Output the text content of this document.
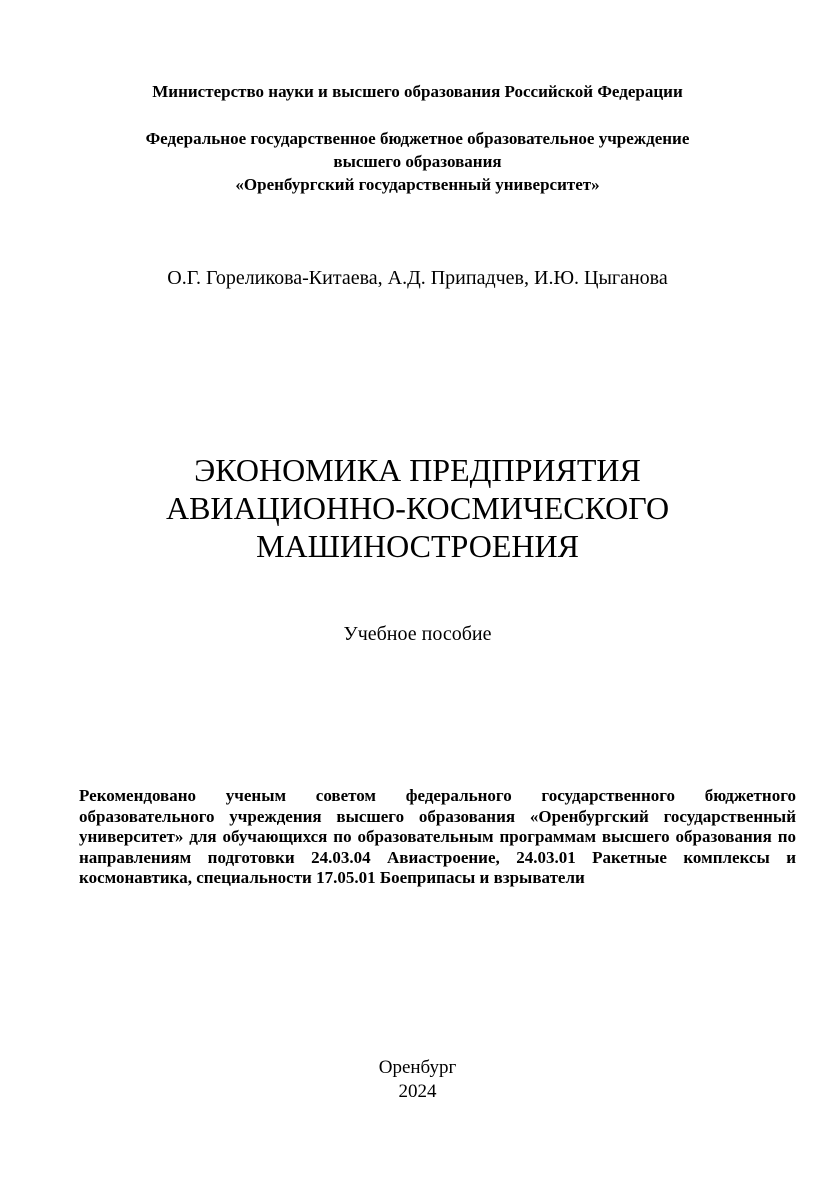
Министерство науки и высшего образования Российской Федерации

Федеральное государственное бюджетное образовательное учреждение
высшего образования
«Оренбургский государственный университет»

О.Г. Гореликова-Китаева, А.Д. Припадчев, И.Ю. Цыганова

ЭКОНОМИКА ПРЕДПРИЯТИЯ
АВИАЦИОННО-КОСМИЧЕСКОГО
МАШИНОСТРОЕНИЯ

Учебное пособие

Рекомендовано ученым советом федерального государственного бюджетного образовательного учреждения высшего образования «Оренбургский государственный университет» для обучающихся по образовательным программам высшего образования по направлениям подготовки 24.03.04 Авиастроение, 24.03.01 Ракетные комплексы и космонавтика, специальности 17.05.01 Боеприпасы и взрыватели

Оренбург
2024
